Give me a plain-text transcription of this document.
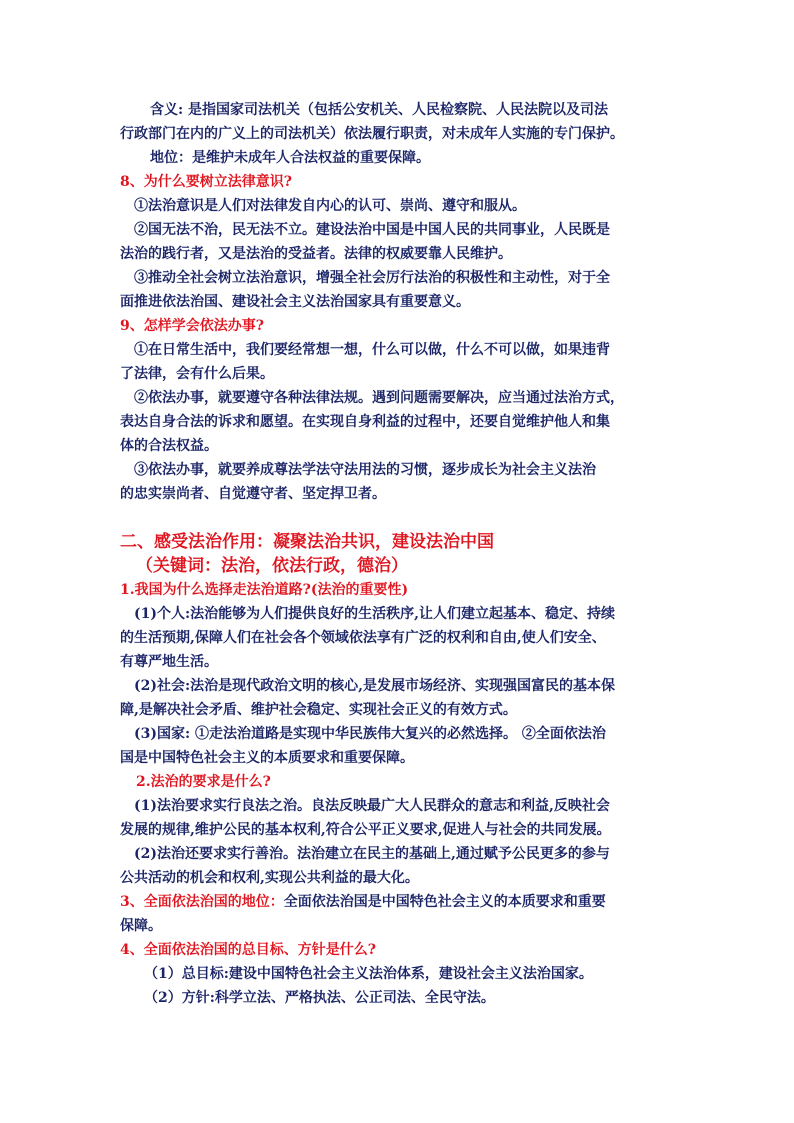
含义: 是指国家司法机关（包括公安机关、人民检察院、人民法院以及司法
行政部门在内的广义上的司法机关）依法履行职责，对未成年人实施的专门保护。
地位：是维护未成年人合法权益的重要保障。
8、为什么要树立法律意识?
①法治意识是人们对法律发自内心的认可、崇尚、遵守和服从。
②国无法不治，民无法不立。建设法治中国是中国人民的共同事业，人民既是
法治的践行者，又是法治的受益者。法律的权威要靠人民维护。
③推动全社会树立法治意识，增强全社会厉行法治的积极性和主动性，对于全
面推进依法治国、建设社会主义法治国家具有重要意义。
9、怎样学会依法办事?
①在日常生活中，我们要经常想一想，什么可以做，什么不可以做，如果违背
了法律，会有什么后果。
②依法办事，就要遵守各种法律法规。遇到问题需要解决，应当通过法治方式，
表达自身合法的诉求和愿望。在实现自身利益的过程中，还要自觉维护他人和集
体的合法权益。
③依法办事，就要养成尊法学法守法用法的习惯，逐步成长为社会主义法治
的忠实崇尚者、自觉遵守者、坚定捍卫者。
二、感受法治作用：凝聚法治共识，建设法治中国
（关键词：法治，依法行政，德治）
1.我国为什么选择走法治道路?(法治的重要性)
(1)个人:法治能够为人们提供良好的生活秩序,让人们建立起基本、稳定、持续
的生活预期,保障人们在社会各个领域依法享有广泛的权利和自由,使人们安全、
有尊严地生活。
(2)社会:法治是现代政治文明的核心,是发展市场经济、实现强国富民的基本保
障,是解决社会矛盾、维护社会稳定、实现社会正义的有效方式。
(3)国家: ①走法治道路是实现中华民族伟大复兴的必然选择。 ②全面依法治
国是中国特色社会主义的本质要求和重要保障。
2.法治的要求是什么?
(1)法治要求实行良法之治。良法反映最广大人民群众的意志和利益,反映社会
发展的规律,维护公民的基本权利,符合公平正义要求,促进人与社会的共同发展。
(2)法治还要求实行善治。法治建立在民主的基础上,通过赋予公民更多的参与
公共活动的机会和权利,实现公共利益的最大化。
3、全面依法治国的地位：全面依法治国是中国特色社会主义的本质要求和重要
保障。
4、全面依法治国的总目标、方针是什么?
（1）总目标:建设中国特色社会主义法治体系，建设社会主义法治国家。
（2）方针:科学立法、严格执法、公正司法、全民守法。
